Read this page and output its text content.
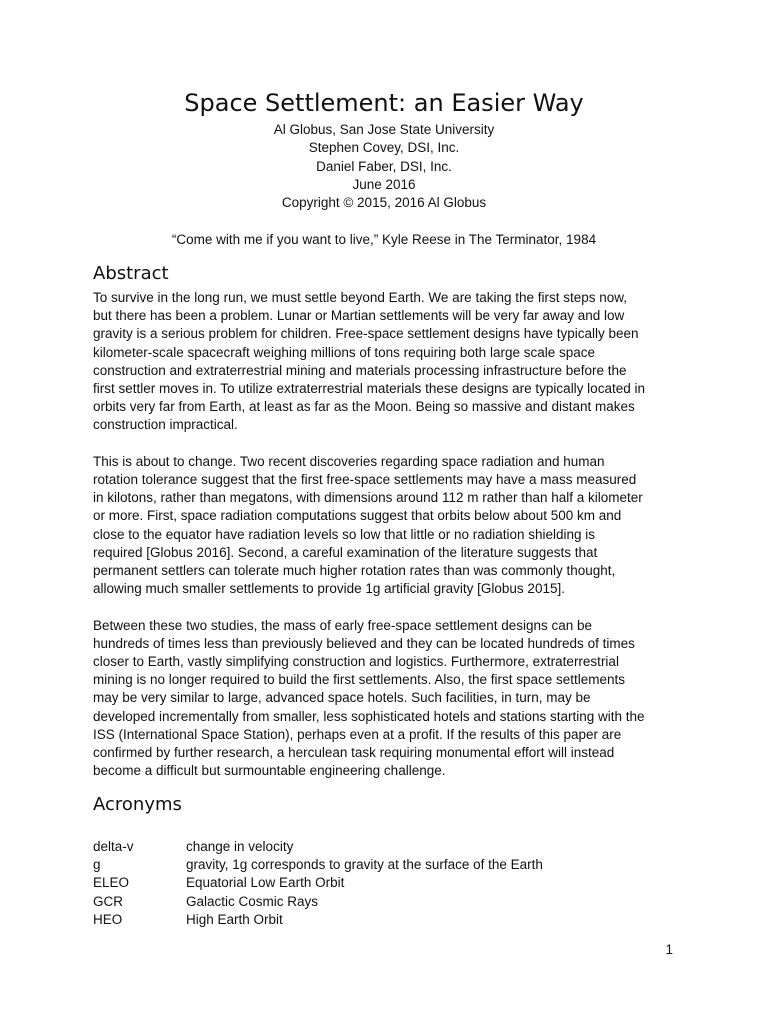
Space Settlement: an Easier Way
Al Globus, San Jose State University
Stephen Covey, DSI, Inc.
Daniel Faber, DSI, Inc.
June 2016
Copyright © 2015, 2016 Al Globus
“Come with me if you want to live,” Kyle Reese in The Terminator, 1984
Abstract
To survive in the long run, we must settle beyond Earth. We are taking the first steps now,
but there has been a problem. Lunar or Martian settlements will be very far away and low
gravity is a serious problem for children. Free-space settlement designs have typically been
kilometer-scale spacecraft weighing millions of tons requiring both large scale space
construction and extraterrestrial mining and materials processing infrastructure before the
first settler moves in. To utilize extraterrestrial materials these designs are typically located in
orbits very far from Earth, at least as far as the Moon. Being so massive and distant makes
construction impractical.
This is about to change. Two recent discoveries regarding space radiation and human
rotation tolerance suggest that the first free-space settlements may have a mass measured
in kilotons, rather than megatons, with dimensions around 112 m rather than half a kilometer
or more. First, space radiation computations suggest that orbits below about 500 km and
close to the equator have radiation levels so low that little or no radiation shielding is
required [Globus 2016]. Second, a careful examination of the literature suggests that
permanent settlers can tolerate much higher rotation rates than was commonly thought,
allowing much smaller settlements to provide 1g artificial gravity [Globus 2015].
Between these two studies, the mass of early free-space settlement designs can be
hundreds of times less than previously believed and they can be located hundreds of times
closer to Earth, vastly simplifying construction and logistics. Furthermore, extraterrestrial
mining is no longer required to build the first settlements. Also, the first space settlements
may be very similar to large, advanced space hotels. Such facilities, in turn, may be
developed incrementally from smaller, less sophisticated hotels and stations starting with the
ISS (International Space Station), perhaps even at a profit. If the results of this paper are
confirmed by further research, a herculean task requiring monumental effort will instead
become a difficult but surmountable engineering challenge.
Acronyms
delta-v	change in velocity
g	gravity, 1g corresponds to gravity at the surface of the Earth
ELEO	Equatorial Low Earth Orbit
GCR	Galactic Cosmic Rays
HEO	High Earth Orbit
1
